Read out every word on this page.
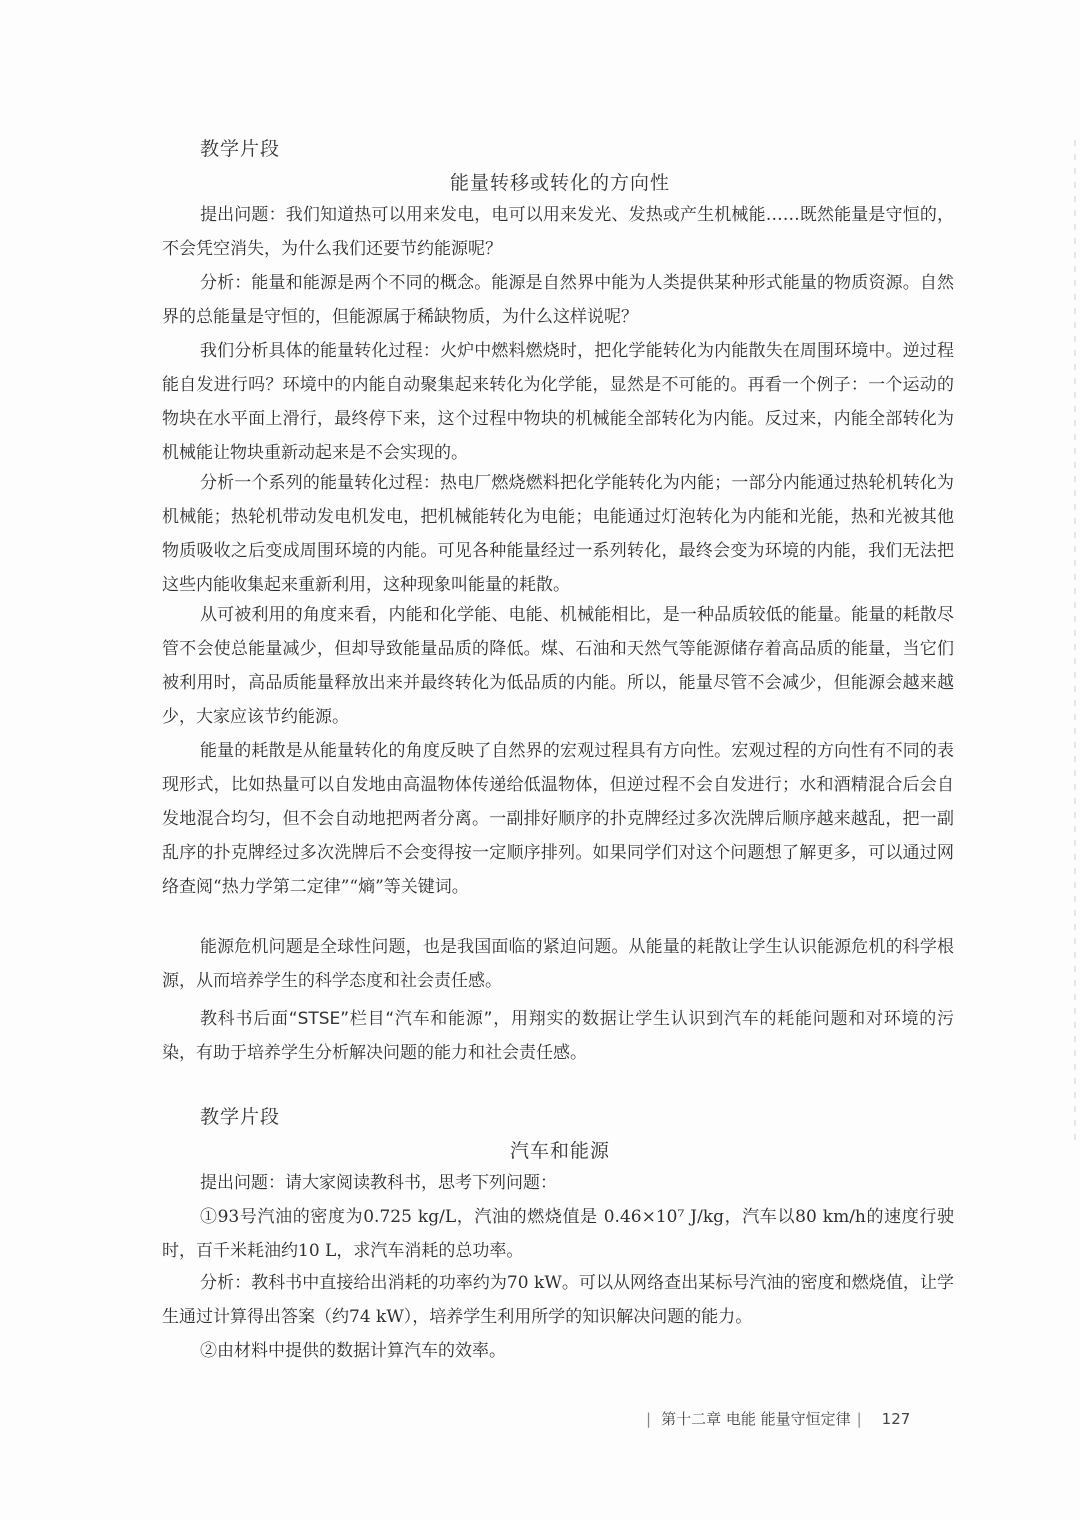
教学片段
能量转移或转化的方向性

提出问题：我们知道热可以用来发电，电可以用来发光、发热或产生机械能……既然能量是守恒的，不会凭空消失，为什么我们还要节约能源呢？

分析：能量和能源是两个不同的概念。能源是自然界中能为人类提供某种形式能量的物质资源。自然界的总能量是守恒的，但能源属于稀缺物质，为什么这样说呢？

我们分析具体的能量转化过程：火炉中燃料燃烧时，把化学能转化为内能散失在周围环境中。逆过程能自发进行吗？环境中的内能自动聚集起来转化为化学能，显然是不可能的。再看一个例子：一个运动的物块在水平面上滑行，最终停下来，这个过程中物块的机械能全部转化为内能。反过来，内能全部转化为机械能让物块重新动起来是不会实现的。

分析一个系列的能量转化过程：热电厂燃烧燃料把化学能转化为内能；一部分内能通过热轮机转化为机械能；热轮机带动发电机发电，把机械能转化为电能；电能通过灯泡转化为内能和光能，热和光被其他物质吸收之后变成周围环境的内能。可见各种能量经过一系列转化，最终会变为环境的内能，我们无法把这些内能收集起来重新利用，这种现象叫能量的耗散。

从可被利用的角度来看，内能和化学能、电能、机械能相比，是一种品质较低的能量。能量的耗散尽管不会使总能量减少，但却导致能量品质的降低。煤、石油和天然气等能源储存着高品质的能量，当它们被利用时，高品质能量释放出来并最终转化为低品质的内能。所以，能量尽管不会减少，但能源会越来越少，大家应该节约能源。

能量的耗散是从能量转化的角度反映了自然界的宏观过程具有方向性。宏观过程的方向性有不同的表现形式，比如热量可以自发地由高温物体传递给低温物体，但逆过程不会自发进行；水和酒精混合后会自发地混合均匀，但不会自动地把两者分离。一副排好顺序的扑克牌经过多次洗牌后顺序越来越乱，把一副乱序的扑克牌经过多次洗牌后不会变得按一定顺序排列。如果同学们对这个问题想了解更多，可以通过网络查阅“热力学第二定律”“熵”等关键词。

能源危机问题是全球性问题，也是我国面临的紧迫问题。从能量的耗散让学生认识能源危机的科学根源，从而培养学生的科学态度和社会责任感。

教科书后面“STSE”栏目“汽车和能源”，用翔实的数据让学生认识到汽车的耗能问题和对环境的污染，有助于培养学生分析解决问题的能力和社会责任感。

教学片段
汽车和能源

提出问题：请大家阅读教科书，思考下列问题：

①93号汽油的密度为0.725 kg/L，汽油的燃烧值是 0.46×10⁷ J/kg，汽车以80 km/h的速度行驶时，百千米耗油约10 L，求汽车消耗的总功率。

分析：教科书中直接给出消耗的功率约为70 kW。可以从网络查出某标号汽油的密度和燃烧值，让学生通过计算得出答案（约74 kW），培养学生利用所学的知识解决问题的能力。

②由材料中提供的数据计算汽车的效率。

| 第十二章 电能 能量守恒定律 | 127
